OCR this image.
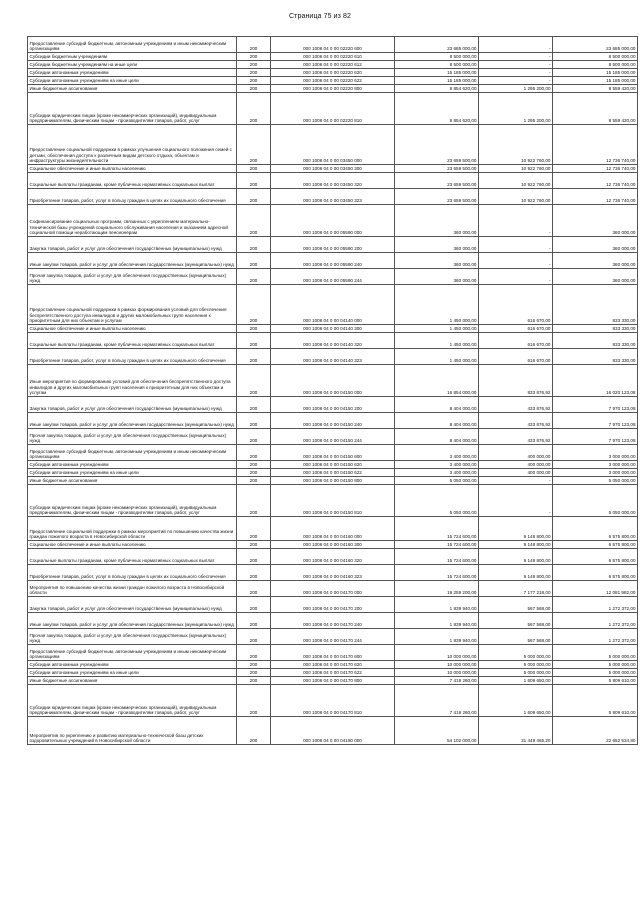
Страница 75 из 82
Предоставление субсидий бюджетным, автономным учреждениям и иным некоммерческим организациям	200	000 1006 04 0 00 02220 600	23 685 000,00	-	23 685 000,00
Субсидии бюджетным учреждениям	200	000 1006 04 0 00 02220 610	8 500 000,00	-	8 500 000,00
Субсидии бюджетным учреждениям на иные цели	200	000 1006 04 0 00 02220 612	8 500 000,00	-	8 500 000,00
Субсидии автономным учреждениям	200	000 1006 04 0 00 02220 620	15 185 000,00	-	15 185 000,00
Субсидии автономным учреждениям на иные цели	200	000 1006 04 0 00 02220 622	15 185 000,00	-	15 185 000,00
Иные бюджетные ассигнования	200	000 1006 04 0 00 02220 800	9 854 620,00	1 295 200,00	8 559 420,00
Субсидии юридическим лицам (кроме некоммерческих организаций), индивидуальным предпринимателям, физическим лицам - производителям товаров, работ, услуг	200	000 1006 04 0 00 02220 810	9 854 620,00	1 295 200,00	8 559 420,00
Предоставление социальной поддержки в рамках улучшения социального положения семей с детьми, обеспечения доступа к различным видам детского отдыха, объектам и инфраструктуры жизнедеятельности	200	000 1006 04 0 00 03450 000	23 659 500,00	10 922 760,00	12 736 740,00
Социальное обеспечение и иные выплаты населению	200	000 1006 04 0 00 03450 300	23 659 500,00	10 922 760,00	12 736 740,00
Социальные выплаты гражданам, кроме публичных нормативных социальных выплат	200	000 1006 04 0 00 03450 320	23 659 500,00	10 922 760,00	12 736 740,00
Приобретение товаров, работ, услуг в пользу граждан в целях их социального обеспечения	200	000 1006 04 0 00 03450 323	23 659 500,00	10 922 760,00	12 736 740,00
Софинансирование социальных программ, связанных с укреплением материально-технической базы учреждений социального обслуживания населения и оказанием адресной социальной помощи неработающим пенсионерам	200	000 1006 04 0 00 05590 000	360 000,00	-	360 000,00
Закупка товаров, работ и услуг для обеспечения государственных (муниципальных) нужд	200	000 1006 04 0 00 05590 200	360 000,00	-	360 000,00
Иные закупки товаров, работ и услуг для обеспечения государственных (муниципальных) нужд	200	000 1006 04 0 00 05590 240	360 000,00	-	360 000,00
Прочая закупка товаров, работ и услуг для обеспечения государственных (муниципальных) нужд	200	000 1006 04 0 00 05590 244	360 000,00	-	360 000,00
Предоставление социальной поддержки в рамках формирования условий для обеспечения беспрепятственного доступа инвалидов и других маломобильных групп населения к приоритетным для них объектам и услугам	200	000 1006 04 0 00 04140 000	1 450 000,00	616 670,00	833 330,00
Социальное обеспечение и иные выплаты населению	200	000 1006 04 0 00 04140 300	1 450 000,00	616 670,00	833 330,00
Социальные выплаты гражданам, кроме публичных нормативных социальных выплат	200	000 1006 04 0 00 04140 320	1 450 000,00	616 670,00	833 330,00
Приобретение товаров, работ, услуг в пользу граждан в целях их социального обеспечения	200	000 1006 04 0 00 04140 323	1 450 000,00	616 670,00	833 330,00
Иные мероприятия по формированию условий для обеспечения беспрепятственного доступа инвалидов и других маломобильных групп населения к приоритетным для них объектам и услугам	200	000 1006 04 0 00 04150 000	16 854 000,00	833 876,92	16 020 123,08
Закупка товаров, работ и услуг для обеспечения государственных (муниципальных) нужд	200	000 1006 04 0 00 04150 200	8 404 000,00	433 876,92	7 970 123,08
Иные закупки товаров, работ и услуг для обеспечения государственных (муниципальных) нужд	200	000 1006 04 0 00 04150 240	8 404 000,00	433 876,92	7 970 123,08
Прочая закупка товаров, работ и услуг для обеспечения государственных (муниципальных) нужд	200	000 1006 04 0 00 04150 244	8 404 000,00	433 876,92	7 970 123,08
Предоставление субсидий бюджетным, автономным учреждениям и иным некоммерческим организациям	200	000 1006 04 0 00 04150 600	3 400 000,00	400 000,00	3 000 000,00
Субсидии автономным учреждениям	200	000 1006 04 0 00 04150 620	3 400 000,00	400 000,00	3 000 000,00
Субсидии автономным учреждениям на иные цели	200	000 1006 04 0 00 04150 622	3 400 000,00	400 000,00	3 000 000,00
Иные бюджетные ассигнования	200	000 1006 04 0 00 04150 800	5 050 000,00	-	5 050 000,00
Субсидии юридическим лицам (кроме некоммерческих организаций), индивидуальным предпринимателям, физическим лицам - производителям товаров, работ, услуг	200	000 1006 04 0 00 04150 810	5 050 000,00	-	5 050 000,00
Предоставление социальной поддержки в рамках мероприятий по повышению качества жизни граждан пожилого возраста в Новосибирской области	200	000 1006 04 0 00 04160 000	15 724 600,00	9 148 800,00	6 575 800,00
Социальное обеспечение и иные выплаты населению	200	000 1006 04 0 00 04160 300	15 724 600,00	9 148 800,00	6 575 800,00
Социальные выплаты гражданам, кроме публичных нормативных социальных выплат	200	000 1006 04 0 00 04160 320	15 724 600,00	9 148 800,00	6 575 800,00
Приобретение товаров, работ, услуг в пользу граждан в целях их социального обеспечения	200	000 1006 04 0 00 04160 323	15 724 600,00	9 148 800,00	6 575 800,00
Мероприятия по повышению качества жизни граждан пожилого возраста в Новосибирской области	200	000 1006 04 0 00 04170 000	19 259 200,00	7 177 218,00	12 081 982,00
Закупка товаров, работ и услуг для обеспечения государственных (муниципальных) нужд	200	000 1006 04 0 00 04170 200	1 839 940,00	567 568,00	1 272 372,00
Иные закупки товаров, работ и услуг для обеспечения государственных (муниципальных) нужд	200	000 1006 04 0 00 04170 240	1 839 940,00	567 568,00	1 272 372,00
Прочая закупка товаров, работ и услуг для обеспечения государственных (муниципальных) нужд	200	000 1006 04 0 00 04170 244	1 839 940,00	567 568,00	1 272 372,00
Предоставление субсидий бюджетным, автономным учреждениям и иным некоммерческим организациям	200	000 1006 04 0 00 04170 600	10 000 000,00	5 000 000,00	5 000 000,00
Субсидии автономным учреждениям	200	000 1006 04 0 00 04170 620	10 000 000,00	5 000 000,00	5 000 000,00
Субсидии автономным учреждениям на иные цели	200	000 1006 04 0 00 04170 622	10 000 000,00	5 000 000,00	5 000 000,00
Иные бюджетные ассигнования	200	000 1006 04 0 00 04170 800	7 419 260,00	1 609 650,00	5 809 610,00
Субсидии юридическим лицам (кроме некоммерческих организаций), индивидуальным предпринимателям, физическим лицам - производителям товаров, работ, услуг	200	000 1006 04 0 00 04170 810	7 419 260,00	1 609 650,00	5 809 610,00
Мероприятия по укреплению и развитию материально-технической базы детских оздоровительных учреждений в Новосибирской области	200	000 1006 04 0 00 04180 000	54 102 000,00	31 449 465,20	22 652 534,80
